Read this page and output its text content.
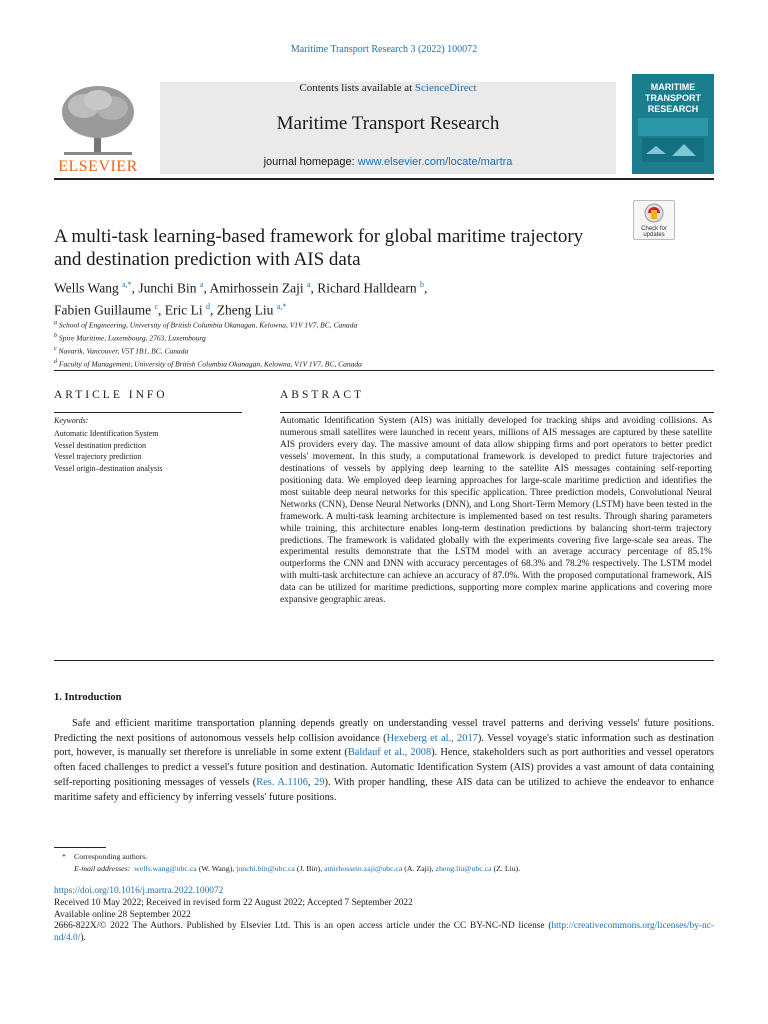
Maritime Transport Research 3 (2022) 100072
ELSEVIER
Contents lists available at ScienceDirect
Maritime Transport Research
journal homepage: www.elsevier.com/locate/martra
MARITIME TRANSPORT RESEARCH
Check for updates
A multi-task learning-based framework for global maritime trajectory and destination prediction with AIS data
Wells Wang $^{a,*}$, Junchi Bin $^a$, Amirhossein Zaji $^a$, Richard Halldearn $^b$,
Fabien Guillaume $^c$, Eric Li $^d$, Zheng Liu $^{a,*}$
$^a$ School of Engineering, University of British Columbia Okanagan, Kelowna, V1V 1V7, BC, Canada
$^b$ Spire Maritime, Luxembourg, 2763, Luxembourg
$^c$ Navarik, Vancouver, V5T 1B1, BC, Canada
$^d$ Faculty of Management, University of British Columbia Okanagan, Kelowna, V1V 1V7, BC, Canada
ARTICLE INFO
Keywords:
Automatic Identification System
Vessel destination prediction
Vessel trajectory prediction
Vessel origin–destination analysis
ABSTRACT
Automatic Identification System (AIS) was initially developed for tracking ships and avoiding collisions. As numerous small satellites were launched in recent years, millions of AIS messages are captured by these satellite AIS providers every day. The massive amount of data allow shipping firms and port operators to better predict vessels' movement. In this study, a computational framework is developed to predict future trajectories and destinations of vessels by applying deep learning to the satellite AIS messages containing self-reporting positioning data. We employed deep learning approaches for large-scale maritime prediction and identifies the most suitable deep neural networks for this specific application. Three prediction models, Convolutional Neural Networks (CNN), Dense Neural Networks (DNN), and Long Short-Term Memory (LSTM) have been tested in the framework. A multi-task learning architecture is implemented based on test results. Through sharing parameters while training, this architecture enables long-term destination predictions by balancing short-term trajectory predictions. The framework is validated globally with the experiments covering five large-scale sea areas. The experimental results demonstrate that the LSTM model with an average accuracy percentage of 85.1% outperforms the CNN and DNN with accuracy percentages of 68.3% and 78.2% respectively. The LSTM model with multi-task architecture can achieve an accuracy of 87.0%. With the proposed computational framework, AIS data can be utilized for maritime predictions, supporting more complex marine applications and covering more expansive geographic areas.
1. Introduction
Safe and efficient maritime transportation planning depends greatly on understanding vessel travel patterns and deriving vessels' future positions. Predicting the next positions of autonomous vessels help collision avoidance (Hexeberg et al., 2017). Vessel voyage's static information such as destination port, however, is manually set therefore is unreliable in some extent (Baldauf et al., 2008). Hence, stakeholders such as port authorities and vessel operators often faced challenges to predict a vessel's future position and destination. Automatic Identification System (AIS) provides a vast amount of data containing self-reporting positioning messages of vessels (Res. A.1106, 29). With proper handling, these AIS data can be utilized to achieve the endeavor to enhance maritime safety and efficiency by inferring vessels' future positions.
* Corresponding authors.
E-mail addresses: wells.wang@ubc.ca (W. Wang), junchi.bin@ubc.ca (J. Bin), amirhossein.zaji@ubc.ca (A. Zaji), zheng.liu@ubc.ca (Z. Liu).
https://doi.org/10.1016/j.martra.2022.100072
Received 10 May 2022; Received in revised form 22 August 2022; Accepted 7 September 2022
Available online 28 September 2022
2666-822X/© 2022 The Authors. Published by Elsevier Ltd. This is an open access article under the CC BY-NC-ND license (http://creativecommons.org/licenses/by-nc-nd/4.0/).
